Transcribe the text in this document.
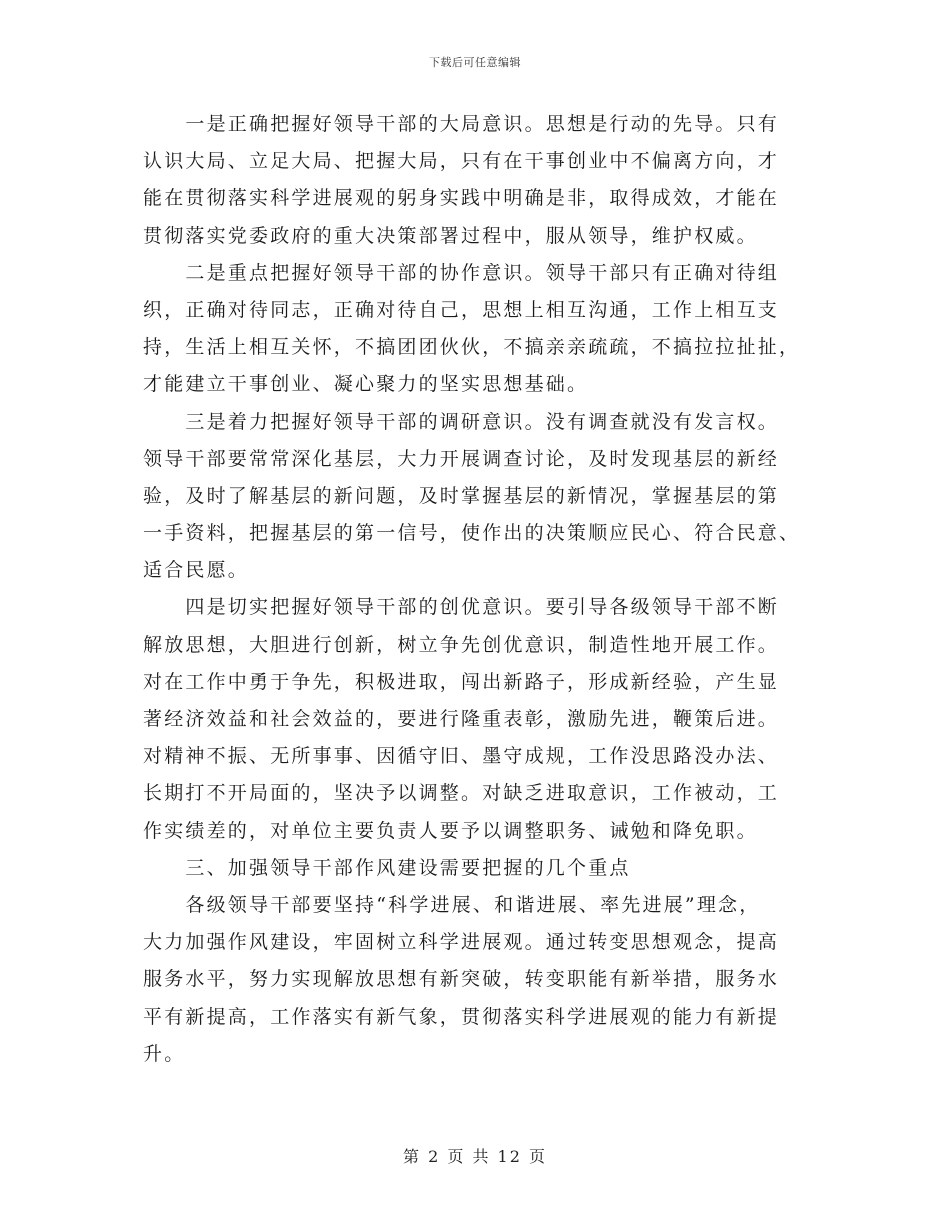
下载后可任意编辑
　　一是正确把握好领导干部的大局意识。思想是行动的先导。只有
认识大局、立足大局、把握大局，只有在干事创业中不偏离方向，才
能在贯彻落实科学进展观的躬身实践中明确是非，取得成效，才能在
贯彻落实党委政府的重大决策部署过程中，服从领导，维护权威。
　　二是重点把握好领导干部的协作意识。领导干部只有正确对待组
织，正确对待同志，正确对待自己，思想上相互沟通，工作上相互支
持，生活上相互关怀，不搞团团伙伙，不搞亲亲疏疏，不搞拉拉扯扯，
才能建立干事创业、凝心聚力的坚实思想基础。
　　三是着力把握好领导干部的调研意识。没有调查就没有发言权。
领导干部要常常深化基层，大力开展调查讨论，及时发现基层的新经
验，及时了解基层的新问题，及时掌握基层的新情况，掌握基层的第
一手资料，把握基层的第一信号，使作出的决策顺应民心、符合民意、
适合民愿。
　　四是切实把握好领导干部的创优意识。要引导各级领导干部不断
解放思想，大胆进行创新，树立争先创优意识，制造性地开展工作。
对在工作中勇于争先，积极进取，闯出新路子，形成新经验，产生显
著经济效益和社会效益的，要进行隆重表彰，激励先进，鞭策后进。
对精神不振、无所事事、因循守旧、墨守成规，工作没思路没办法、
长期打不开局面的，坚决予以调整。对缺乏进取意识，工作被动，工
作实绩差的，对单位主要负责人要予以调整职务、诫勉和降免职。
　　三、加强领导干部作风建设需要把握的几个重点
　　各级领导干部要坚持“科学进展、和谐进展、率先进展”理念，
大力加强作风建设，牢固树立科学进展观。通过转变思想观念，提高
服务水平，努力实现解放思想有新突破，转变职能有新举措，服务水
平有新提高，工作落实有新气象，贯彻落实科学进展观的能力有新提
升。
第 2 页 共 12 页
